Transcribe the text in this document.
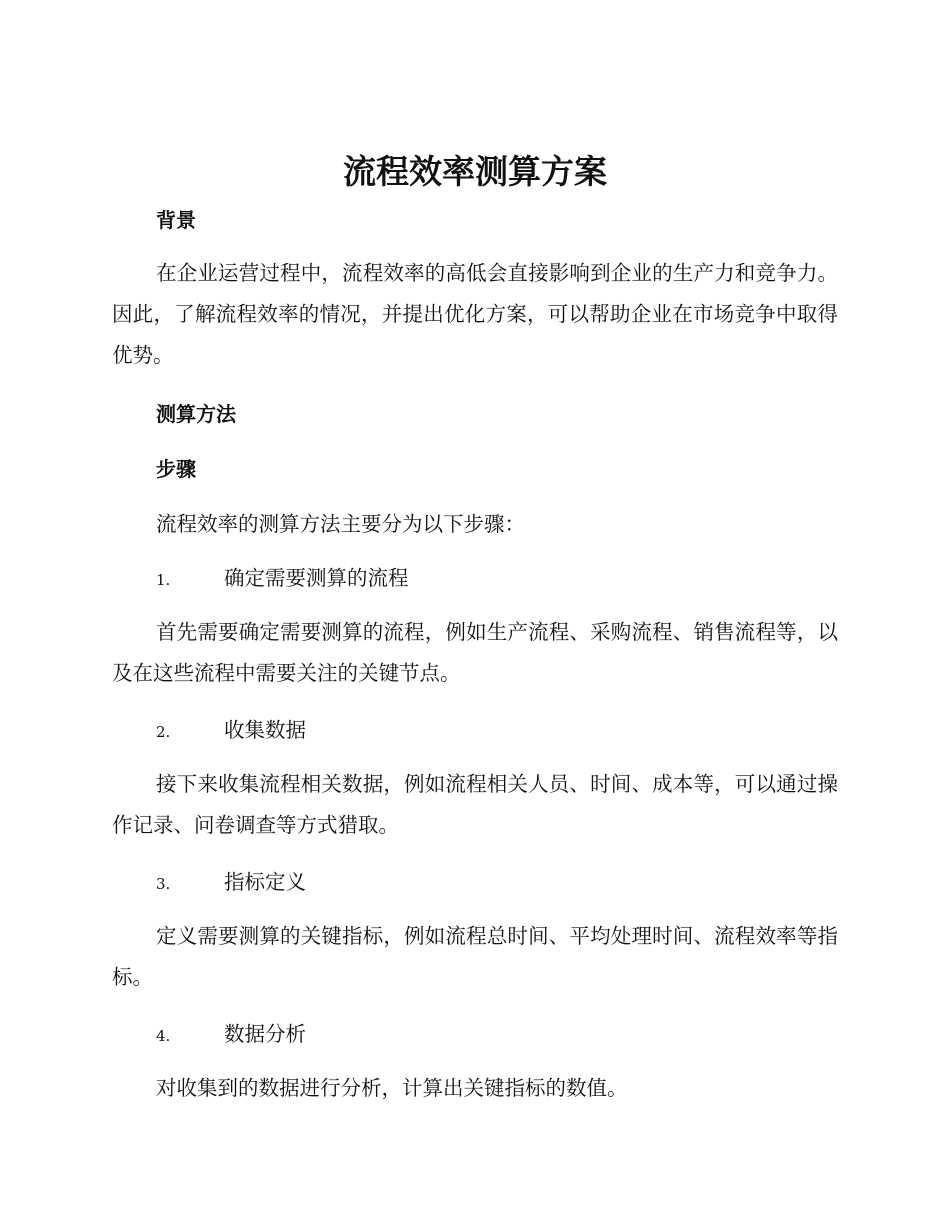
流程效率测算方案
背景

在企业运营过程中，流程效率的高低会直接影响到企业的生产力和竞争力。因此，了解流程效率的情况，并提出优化方案，可以帮助企业在市场竞争中取得优势。

测算方法
步骤

流程效率的测算方法主要分为以下步骤：

1.	确定需要测算的流程

首先需要确定需要测算的流程，例如生产流程、采购流程、销售流程等，以及在这些流程中需要关注的关键节点。

2.	收集数据

接下来收集流程相关数据，例如流程相关人员、时间、成本等，可以通过操作记录、问卷调查等方式猎取。

3.	指标定义

定义需要测算的关键指标，例如流程总时间、平均处理时间、流程效率等指标。

4.	数据分析

对收集到的数据进行分析，计算出关键指标的数值。
